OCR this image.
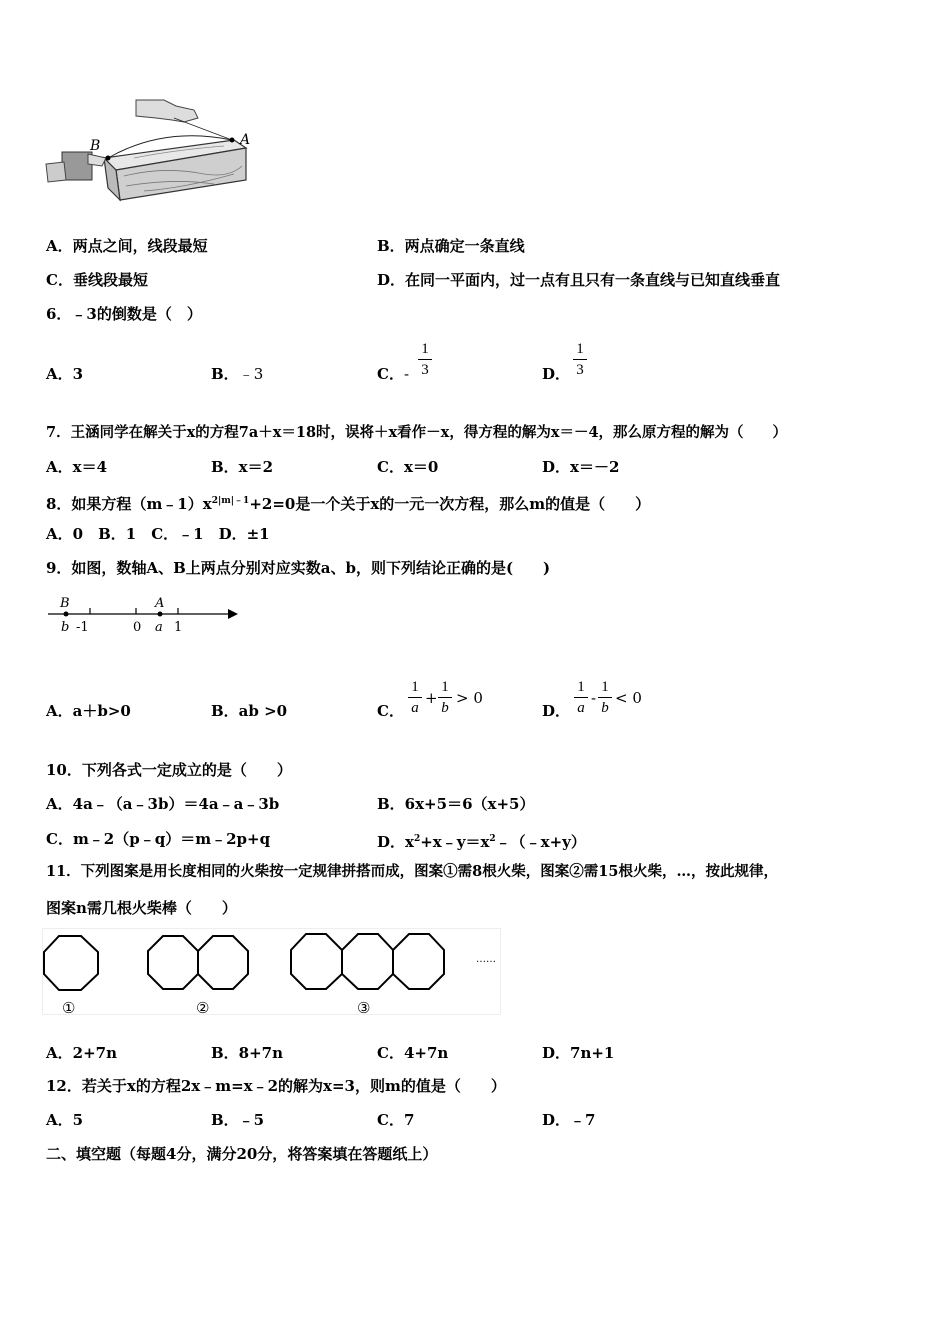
B	A
A．两点之间，线段最短	B．两点确定一条直线
C．垂线段最短	D．在同一平面内，过一点有且只有一条直线与已知直线垂直
6．﹣3的倒数是（　）
A．3	B．﹣3	C．-
1
3	D．
1
3
7．王涵同学在解关于x的方程7a＋x＝18时，误将＋x看作－x，得方程的解为x＝－4，那么原方程的解为（　　）
A．x＝4	B．x＝2	C．x＝0	D．x＝－2
8．如果方程$(m﹣1)x^{2|m|﹣1}+2=0$是一个关于x的一元一次方程，那么m的值是（　　）
A．0　B．1　C．﹣1　D．±1
9．如图，数轴A、B上两点分别对应实数a、b，则下列结论正确的是(　　)
B	A
b -1	0 a 1
A．a＋b>0	B．ab >0	C．
1
a
+
1
b
> 0
D．
1
a
-
1
b
< 0
10．下列各式一定成立的是（　　）
A．4a﹣（a﹣3b）＝4a﹣a﹣3b	B．6x+5＝6（x+5）
C．m﹣2（p﹣q）＝m﹣2p+q	D．$x^2+x﹣y=x^2﹣(﹣x+y)$
11．下列图案是用长度相同的火柴按一定规律拼搭而成，图案①需8根火柴，图案②需15根火柴，…，按此规律，
图案n需几根火柴棒（　　）
①	②	③
……
A．2+7n	B．8+7n	C．4+7n	D．7n+1
12．若关于x的方程2x﹣m=x﹣2的解为x=3，则m的值是（　　）
A．5	B．﹣5	C．7	D．﹣7
二、填空题（每题4分，满分20分，将答案填在答题纸上）
